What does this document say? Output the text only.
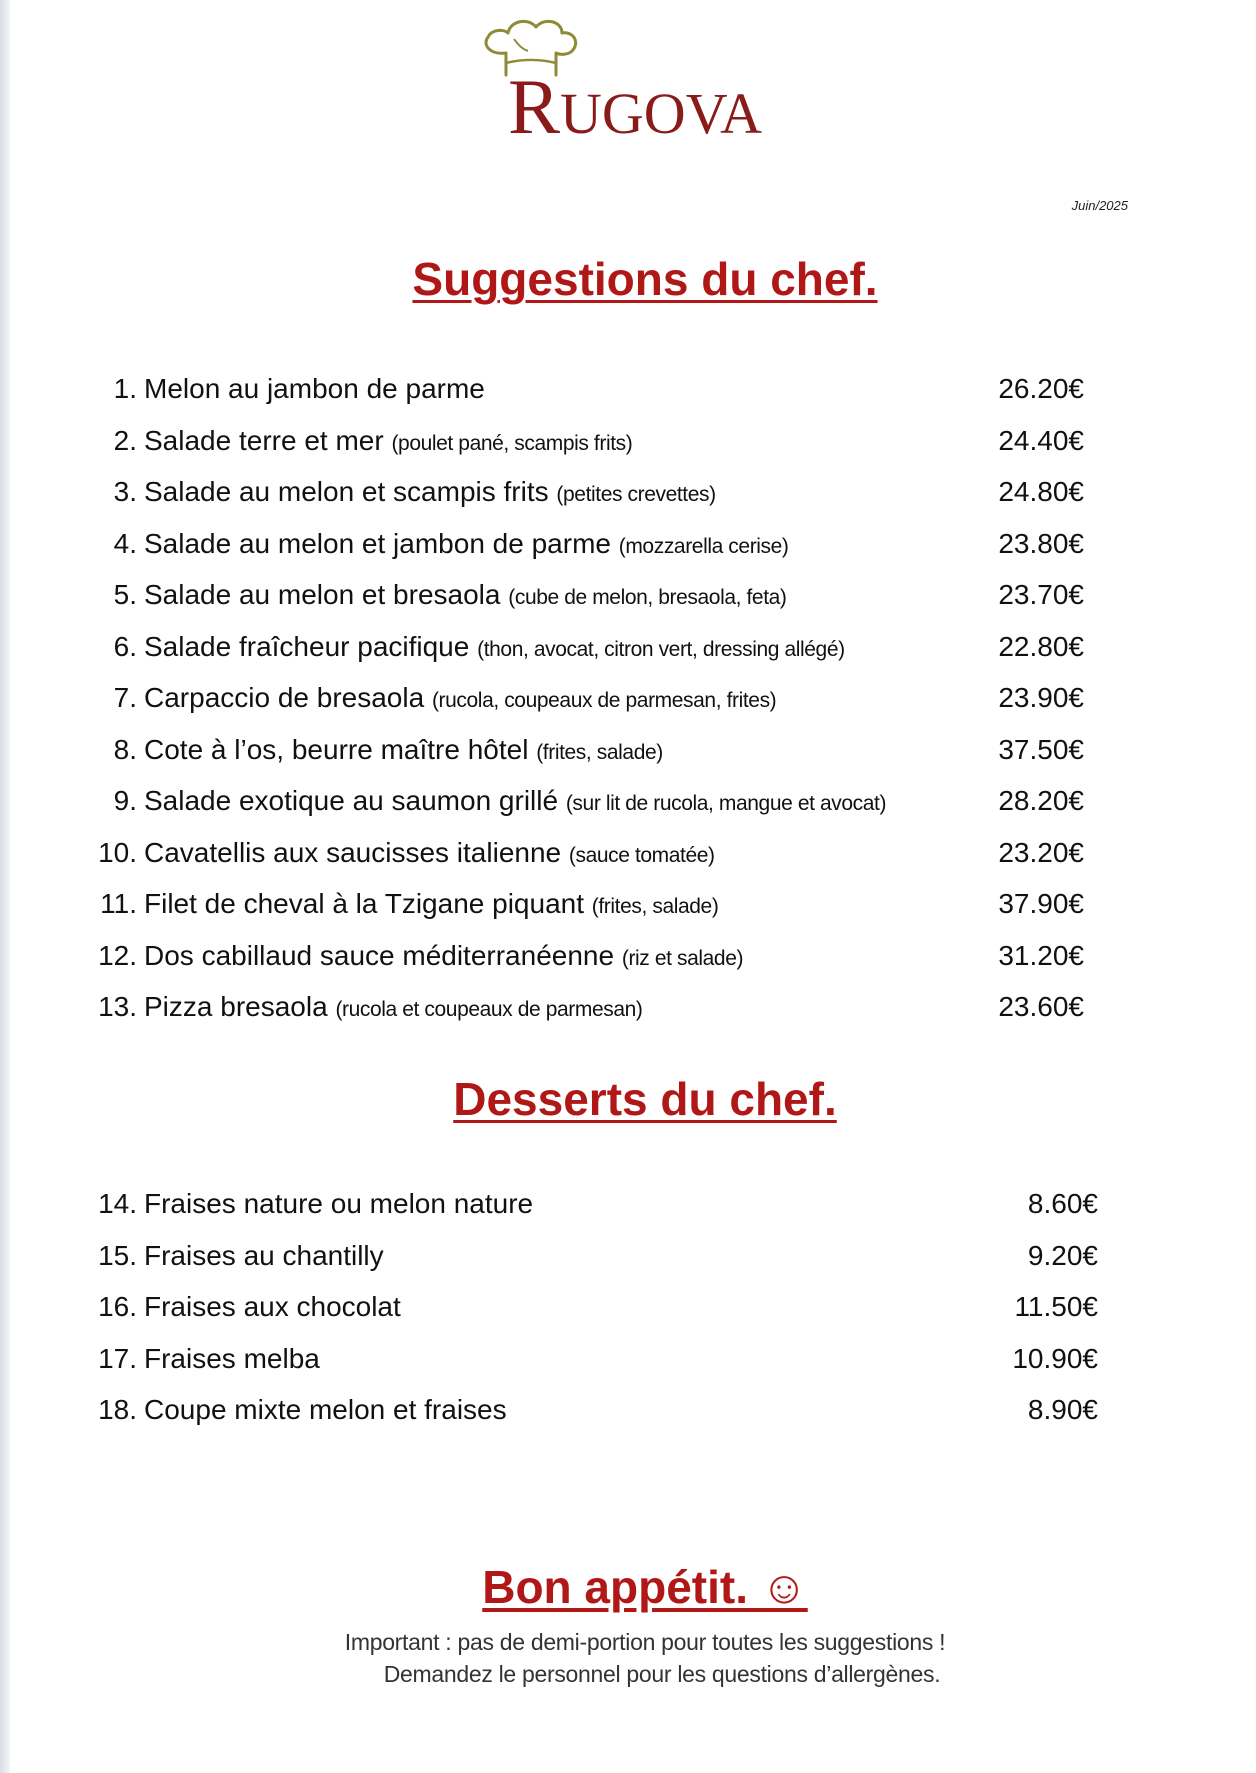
RUGOVA
Juin/2025
Suggestions du chef.
1. Melon au jambon de parme	26.20€
2. Salade terre et mer (poulet pané, scampis frits)	24.40€
3. Salade au melon et scampis frits (petites crevettes)	24.80€
4. Salade au melon et jambon de parme (mozzarella cerise)	23.80€
5. Salade au melon et bresaola (cube de melon, bresaola, feta)	23.70€
6. Salade fraîcheur pacifique (thon, avocat, citron vert, dressing allégé)	22.80€
7. Carpaccio de bresaola (rucola, coupeaux de parmesan, frites)	23.90€
8. Cote à l’os, beurre maître hôtel (frites, salade)	37.50€
9. Salade exotique au saumon grillé (sur lit de rucola, mangue et avocat)	28.20€
10. Cavatellis aux saucisses italienne (sauce tomatée)	23.20€
11. Filet de cheval à la Tzigane piquant (frites, salade)	37.90€
12. Dos cabillaud sauce méditerranéenne (riz et salade)	31.20€
13. Pizza bresaola (rucola et coupeaux de parmesan)	23.60€
Desserts du chef.
14. Fraises nature ou melon nature	8.60€
15. Fraises au chantilly	9.20€
16. Fraises aux chocolat	11.50€
17. Fraises melba	10.90€
18. Coupe mixte melon et fraises	8.90€
Bon appétit. ☺
Important : pas de demi-portion pour toutes les suggestions !
Demandez le personnel pour les questions d’allergènes.
